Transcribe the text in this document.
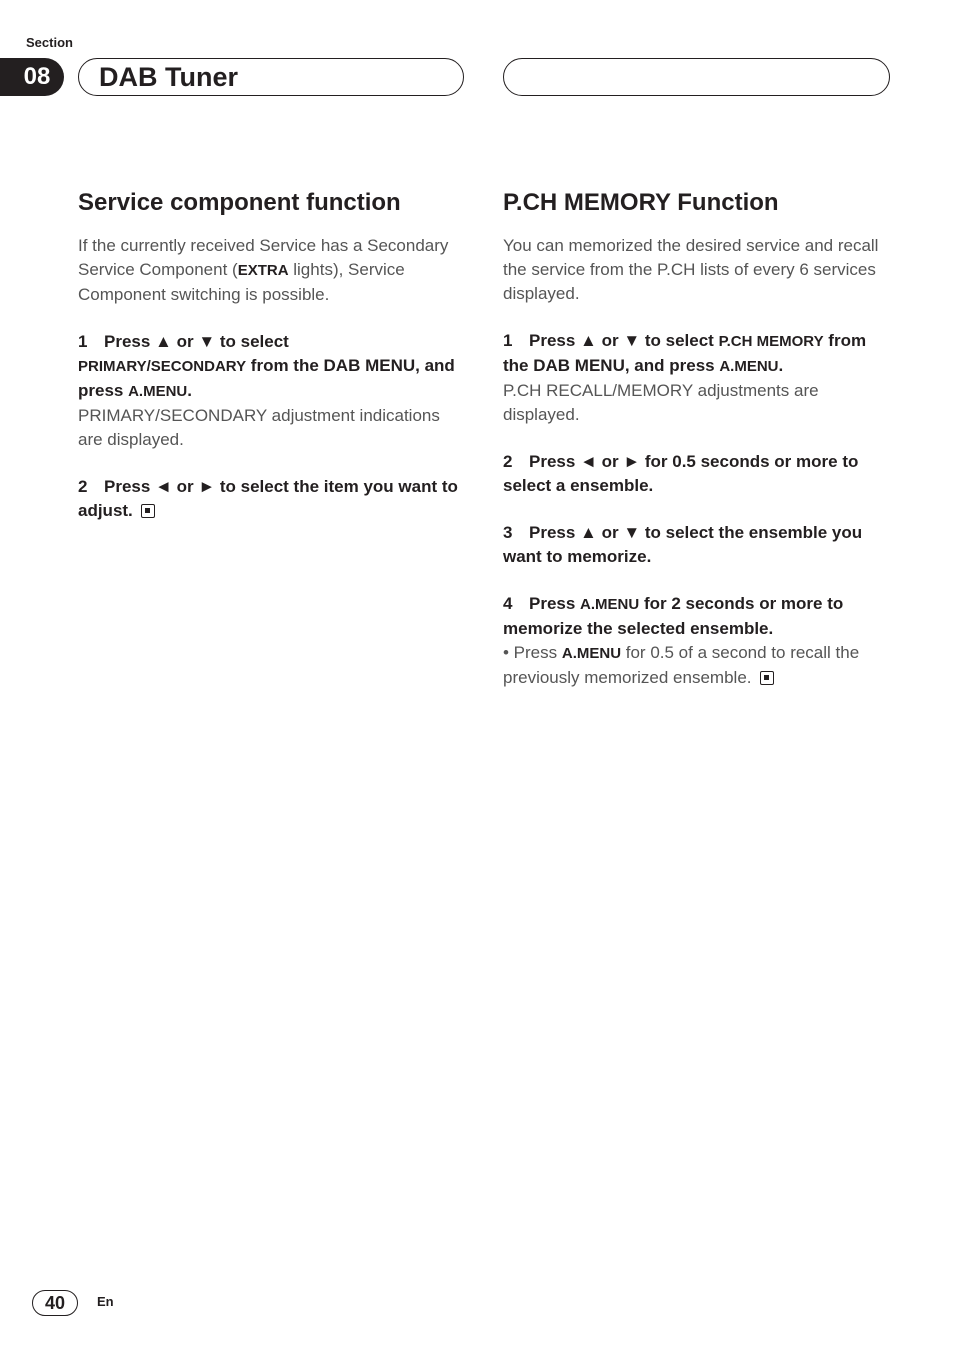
Section
08	DAB Tuner
Service component function

If the currently received Service has a Secondary Service Component (EXTRA lights), Service Component switching is possible.

1 Press ▲ or ▼ to select
PRIMARY/SECONDARY from the DAB MENU, and press A.MENU.

PRIMARY/SECONDARY adjustment indications are displayed.

2 Press ◄ or ► to select the item you want to adjust.

P.CH MEMORY Function

You can memorized the desired service and recall the service from the P.CH lists of every 6 services displayed.

1 Press ▲ or ▼ to select P.CH MEMORY from the DAB MENU, and press A.MENU.

P.CH RECALL/MEMORY adjustments are displayed.

2 Press ◄ or ► for 0.5 seconds or more to select a ensemble.

3 Press ▲ or ▼ to select the ensemble you want to memorize.

4 Press A.MENU for 2 seconds or more to memorize the selected ensemble.

• Press A.MENU for 0.5 of a second to recall the previously memorized ensemble.

40	En
